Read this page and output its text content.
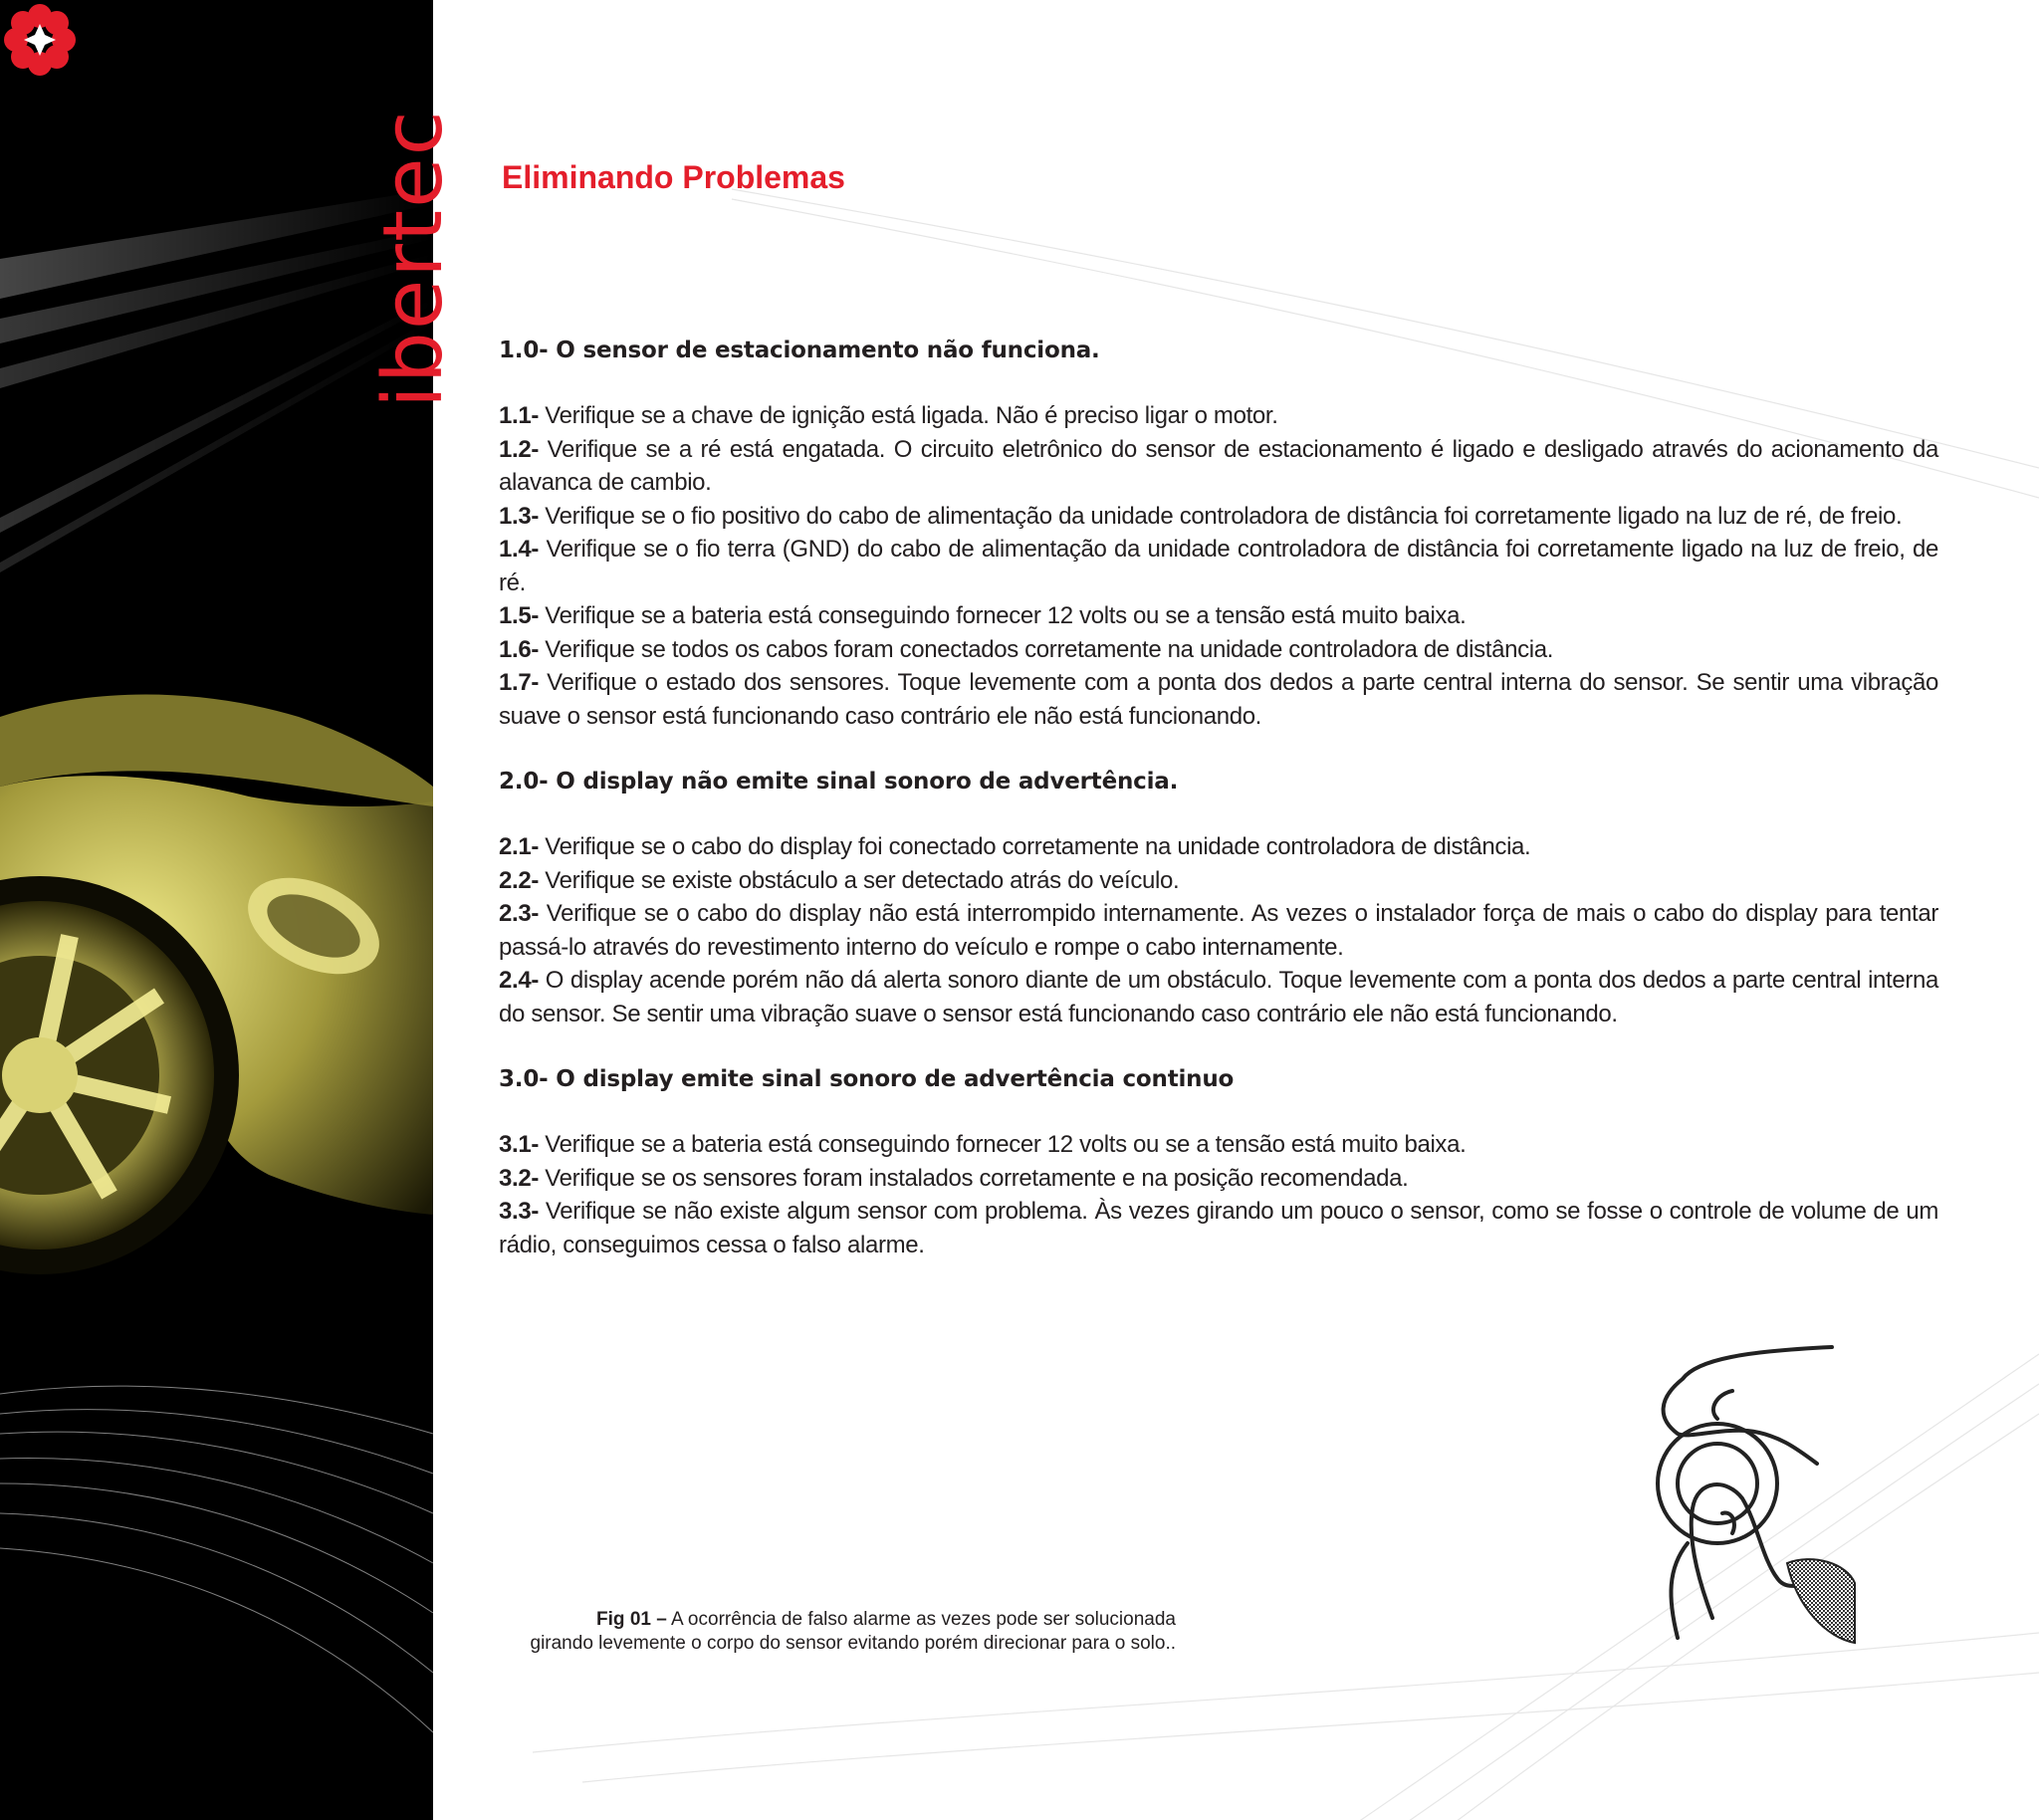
ibertec Eliminando Problemas
1.0- O sensor de estacionamento não funciona.

1.1- Verifique se a chave de ignição está ligada. Não é preciso ligar o motor.

1.2- Verifique se a ré está engatada. O circuito eletrônico do sensor de estacionamento é ligado e desligado através do acionamento da alavanca de cambio.

1.3- Verifique se o fio positivo do cabo de alimentação da unidade controladora de distância foi corretamente ligado na luz de ré, de freio.

1.4- Verifique se o fio terra (GND) do cabo de alimentação da unidade controladora de distância foi corretamente ligado na luz de freio, de ré.

1.5- Verifique se a bateria está conseguindo fornecer 12 volts ou se a tensão está muito baixa.

1.6- Verifique se todos os cabos foram conectados corretamente na unidade controladora de distância.

1.7- Verifique o estado dos sensores. Toque levemente com a ponta dos dedos a parte central interna do sensor. Se sentir uma vibração suave o sensor está funcionando caso contrário ele não está funcionando.

2.0- O display não emite sinal sonoro de advertência.

2.1- Verifique se o cabo do display foi conectado corretamente na unidade controladora de distância.

2.2- Verifique se existe obstáculo a ser detectado atrás do veículo.

2.3- Verifique se o cabo do display não está interrompido internamente. As vezes o instalador força de mais o cabo do display para tentar passá-lo através do revestimento interno do veículo e rompe o cabo internamente.

2.4- O display acende porém não dá alerta sonoro diante de um obstáculo. Toque levemente com a ponta dos dedos a parte central interna do sensor. Se sentir uma vibração suave o sensor está funcionando caso contrário ele não está funcionando.

3.0- O display emite sinal sonoro de advertência continuo

3.1- Verifique se a bateria está conseguindo fornecer 12 volts ou se a tensão está muito baixa.

3.2- Verifique se os sensores foram instalados corretamente e na posição recomendada.

3.3- Verifique se não existe algum sensor com problema. Às vezes girando um pouco o sensor, como se fosse o controle de volume de um rádio, conseguimos cessa o falso alarme.

Fig 01 – A ocorrência de falso alarme as vezes pode ser solucionada
girando levemente o corpo do sensor evitando porém direcionar para o solo..
